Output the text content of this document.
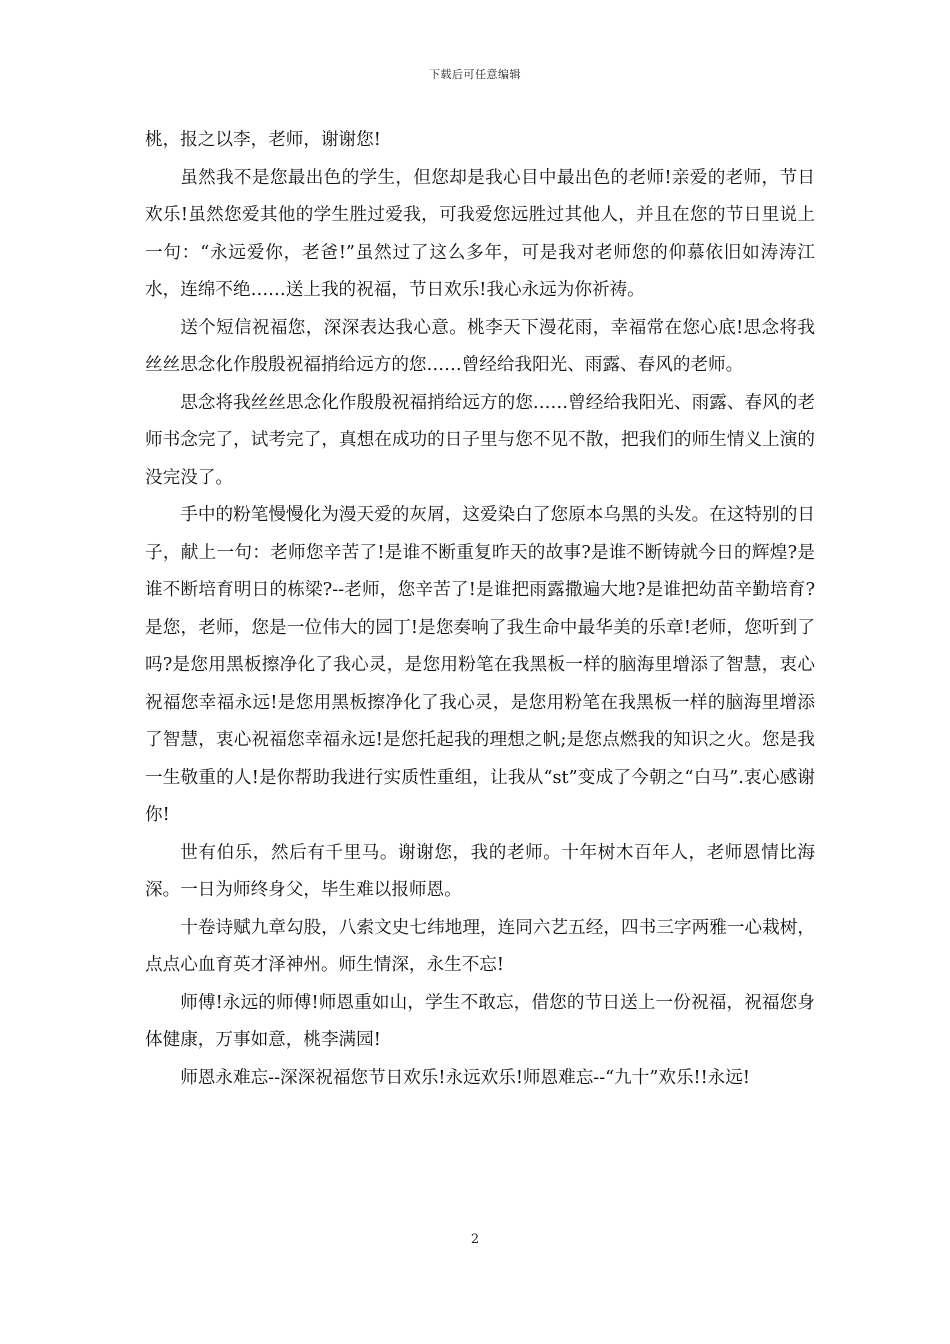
下载后可任意编辑

桃，报之以李，老师，谢谢您!

虽然我不是您最出色的学生，但您却是我心目中最出色的老师!亲爱的老师，节日欢乐!虽然您爱其他的学生胜过爱我，可我爱您远胜过其他人，并且在您的节日里说上一句：“永远爱你，老爸!”虽然过了这么多年，可是我对老师您的仰慕依旧如涛涛江水，连绵不绝……送上我的祝福，节日欢乐!我心永远为你祈祷。

送个短信祝福您，深深表达我心意。桃李天下漫花雨，幸福常在您心底!思念将我丝丝思念化作殷殷祝福捎给远方的您……曾经给我阳光、雨露、春风的老师。

思念将我丝丝思念化作殷殷祝福捎给远方的您……曾经给我阳光、雨露、春风的老师书念完了，试考完了，真想在成功的日子里与您不见不散，把我们的师生情义上演的没完没了。

手中的粉笔慢慢化为漫天爱的灰屑，这爱染白了您原本乌黑的头发。在这特别的日子，献上一句：老师您辛苦了!是谁不断重复昨天的故事?是谁不断铸就今日的辉煌?是谁不断培育明日的栋梁?--老师，您辛苦了!是谁把雨露撒遍大地?是谁把幼苗辛勤培育?是您，老师，您是一位伟大的园丁!是您奏响了我生命中最华美的乐章!老师，您听到了吗?是您用黑板擦净化了我心灵，是您用粉笔在我黑板一样的脑海里增添了智慧，衷心祝福您幸福永远!是您用黑板擦净化了我心灵，是您用粉笔在我黑板一样的脑海里增添了智慧，衷心祝福您幸福永远!是您托起我的理想之帆;是您点燃我的知识之火。您是我一生敬重的人!是你帮助我进行实质性重组，让我从“st”变成了今朝之“白马”.衷心感谢你!

世有伯乐，然后有千里马。谢谢您，我的老师。十年树木百年人，老师恩情比海深。一日为师终身父，毕生难以报师恩。

十卷诗赋九章勾股，八索文史七纬地理，连同六艺五经，四书三字两雅一心栽树，点点心血育英才泽神州。师生情深，永生不忘!

师傅!永远的师傅!师恩重如山，学生不敢忘，借您的节日送上一份祝福，祝福您身体健康，万事如意，桃李满园!

师恩永难忘--深深祝福您节日欢乐!永远欢乐!师恩难忘--“九十”欢乐!!永远!

2
